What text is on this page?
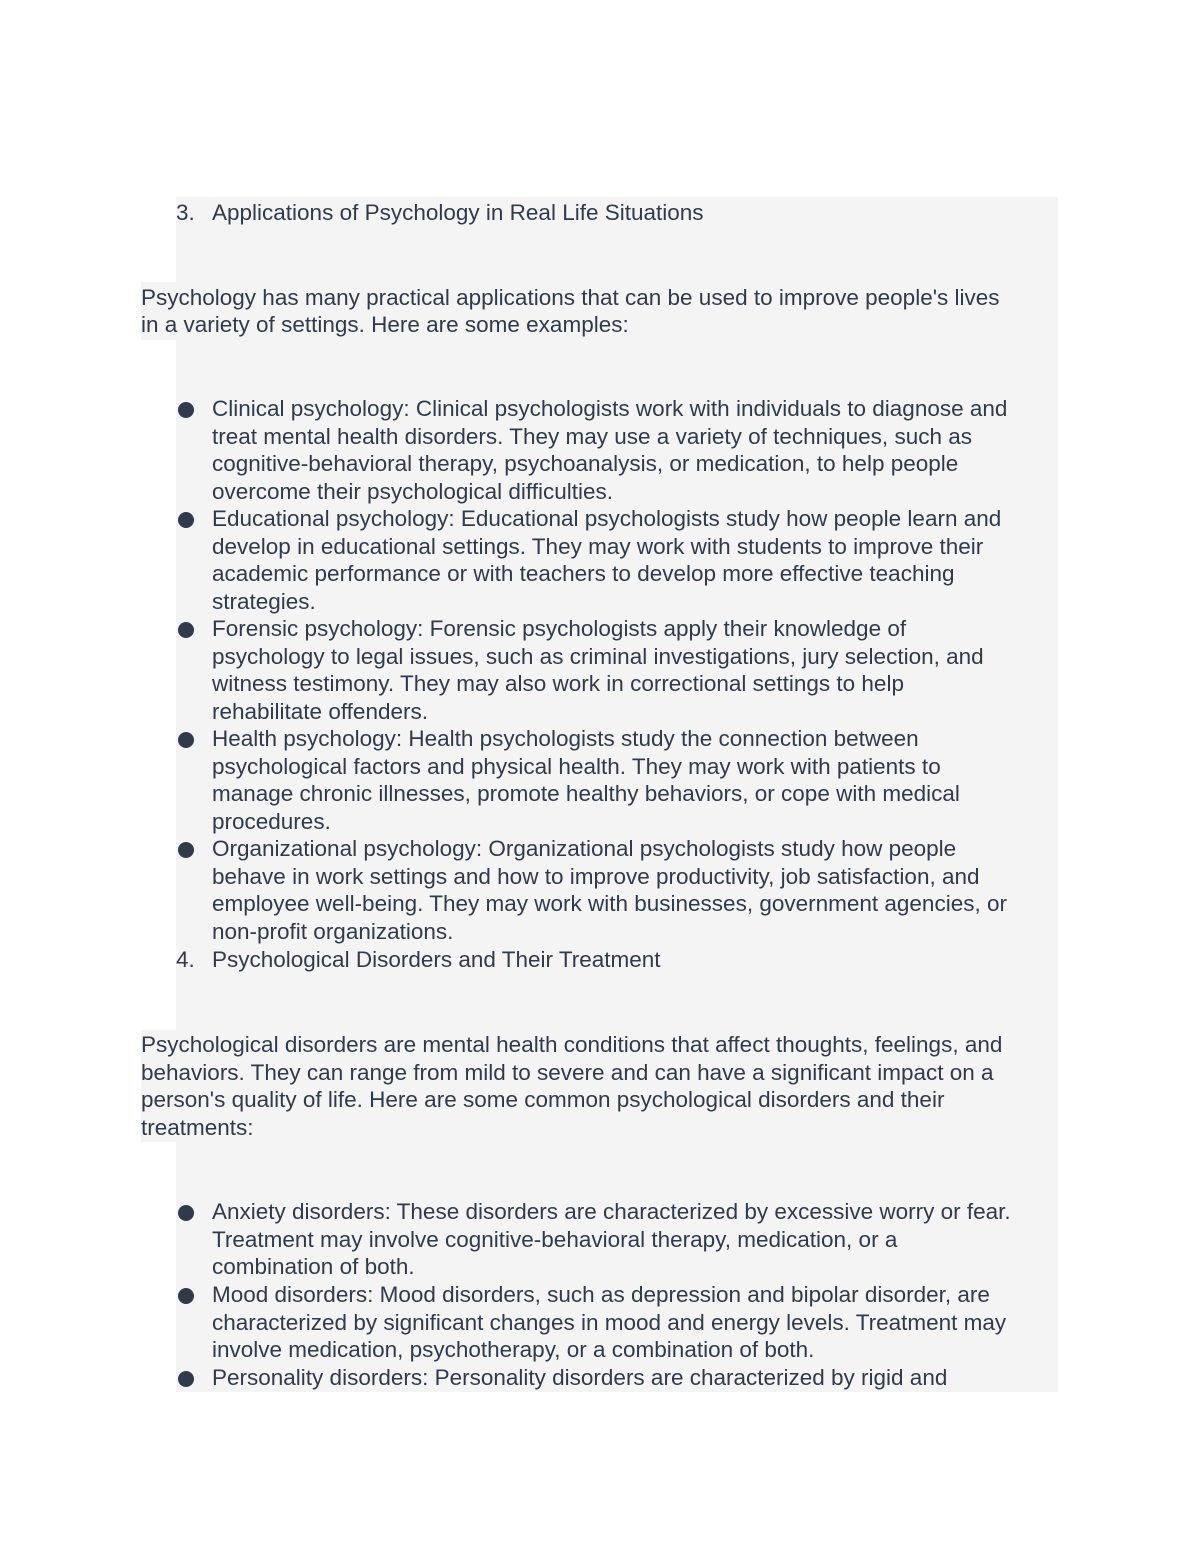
3. Applications of Psychology in Real Life Situations

Psychology has many practical applications that can be used to improve people's lives

in a variety of settings. Here are some examples:

Clinical psychology: Clinical psychologists work with individuals to diagnose and

treat mental health disorders. They may use a variety of techniques, such as

cognitive-behavioral therapy, psychoanalysis, or medication, to help people

overcome their psychological difficulties.

Educational psychology: Educational psychologists study how people learn and

develop in educational settings. They may work with students to improve their

academic performance or with teachers to develop more effective teaching

strategies.

Forensic psychology: Forensic psychologists apply their knowledge of

psychology to legal issues, such as criminal investigations, jury selection, and

witness testimony. They may also work in correctional settings to help

rehabilitate offenders.

Health psychology: Health psychologists study the connection between

psychological factors and physical health. They may work with patients to

manage chronic illnesses, promote healthy behaviors, or cope with medical

procedures.

Organizational psychology: Organizational psychologists study how people

behave in work settings and how to improve productivity, job satisfaction, and

employee well-being. They may work with businesses, government agencies, or

non-profit organizations.

4. Psychological Disorders and Their Treatment

Psychological disorders are mental health conditions that affect thoughts, feelings, and

behaviors. They can range from mild to severe and can have a significant impact on a

person's quality of life. Here are some common psychological disorders and their

treatments:

Anxiety disorders: These disorders are characterized by excessive worry or fear.

Treatment may involve cognitive-behavioral therapy, medication, or a

combination of both.

Mood disorders: Mood disorders, such as depression and bipolar disorder, are

characterized by significant changes in mood and energy levels. Treatment may

involve medication, psychotherapy, or a combination of both.

Personality disorders: Personality disorders are characterized by rigid and
